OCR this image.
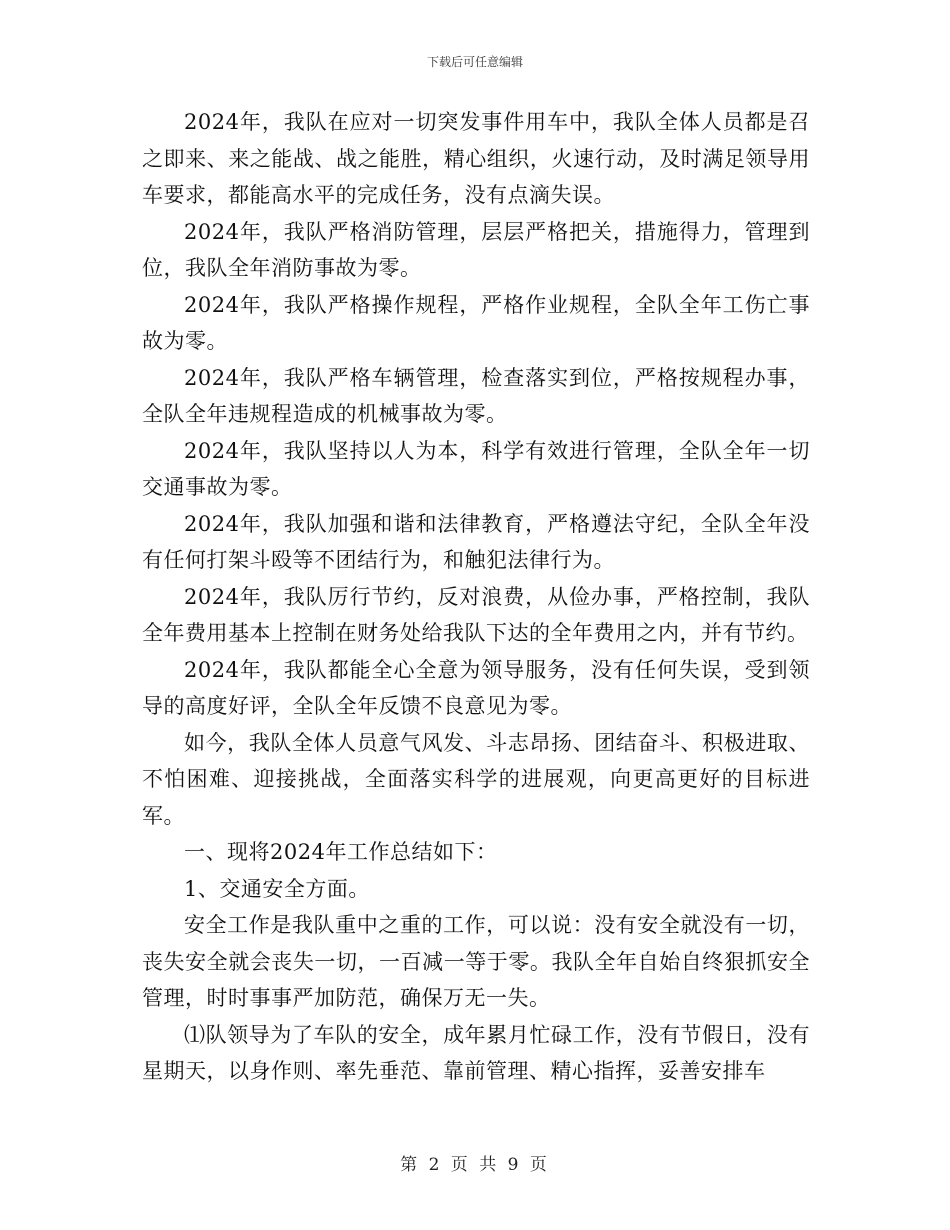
下载后可任意编辑

2024年，我队在应对一切突发事件用车中，我队全体人员都是召之即来、来之能战、战之能胜，精心组织，火速行动，及时满足领导用车要求，都能高水平的完成任务，没有点滴失误。

2024年，我队严格消防管理，层层严格把关，措施得力，管理到位，我队全年消防事故为零。

2024年，我队严格操作规程，严格作业规程，全队全年工伤亡事故为零。

2024年，我队严格车辆管理，检查落实到位，严格按规程办事，全队全年违规程造成的机械事故为零。

2024年，我队坚持以人为本，科学有效进行管理，全队全年一切交通事故为零。

2024年，我队加强和谐和法律教育，严格遵法守纪，全队全年没有任何打架斗殴等不团结行为，和触犯法律行为。

2024年，我队厉行节约，反对浪费，从俭办事，严格控制，我队全年费用基本上控制在财务处给我队下达的全年费用之内，并有节约。

2024年，我队都能全心全意为领导服务，没有任何失误，受到领导的高度好评，全队全年反馈不良意见为零。

如今，我队全体人员意气风发、斗志昂扬、团结奋斗、积极进取、不怕困难、迎接挑战，全面落实科学的进展观，向更高更好的目标进军。

一、现将2024年工作总结如下：

1、交通安全方面。

安全工作是我队重中之重的工作，可以说：没有安全就没有一切，丧失安全就会丧失一切，一百减一等于零。我队全年自始自终狠抓安全管理，时时事事严加防范，确保万无一失。

⑴队领导为了车队的安全，成年累月忙碌工作，没有节假日，没有星期天，以身作则、率先垂范、靠前管理、精心指挥，妥善安排车

第 2 页 共 9 页
